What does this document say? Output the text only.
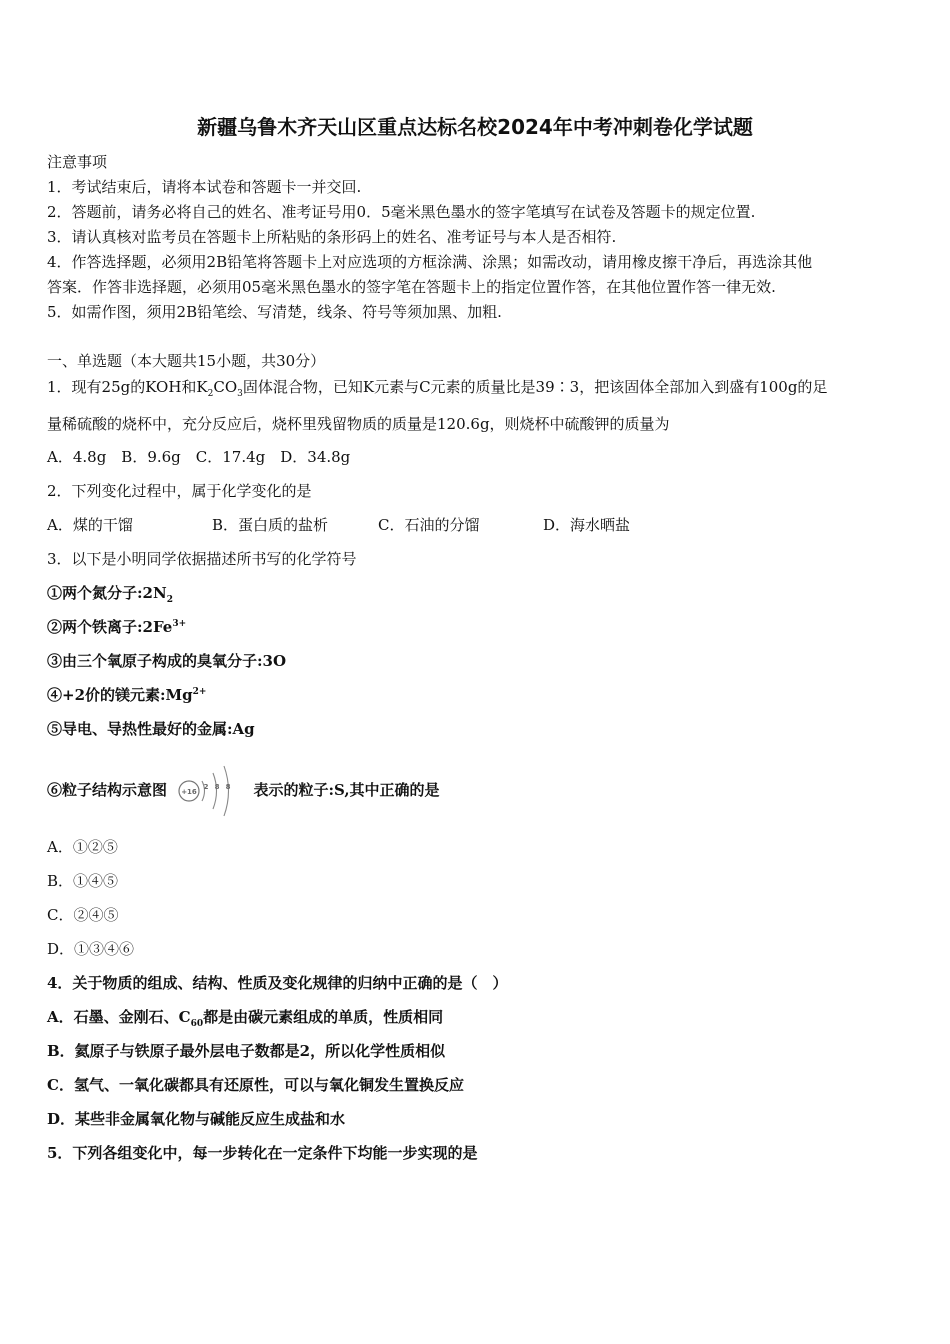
新疆乌鲁木齐天山区重点达标名校2024年中考冲刺卷化学试题
注意事项
1．考试结束后，请将本试卷和答题卡一并交回.
2．答题前，请务必将自己的姓名、准考证号用0．5毫米黑色墨水的签字笔填写在试卷及答题卡的规定位置.
3．请认真核对监考员在答题卡上所粘贴的条形码上的姓名、准考证号与本人是否相符.
4．作答选择题，必须用2B铅笔将答题卡上对应选项的方框涂满、涂黑；如需改动，请用橡皮擦干净后，再选涂其他
答案．作答非选择题，必须用05毫米黑色墨水的签字笔在答题卡上的指定位置作答，在其他位置作答一律无效.
5．如需作图，须用2B铅笔绘、写清楚，线条、符号等须加黑、加粗.
一、单选题（本大题共15小题，共30分）
1．现有25g的KOH和$K_2CO_3$固体混合物，已知K元素与C元素的质量比是39∶3，把该固体全部加入到盛有100g的足
量稀硫酸的烧杯中，充分反应后，烧杯里残留物质的质量是120.6g，则烧杯中硫酸钾的质量为
A．4.8g　B．9.6g　C．17.4g　D．34.8g
2．下列变化过程中，属于化学变化的是
A．煤的干馏	B．蛋白质的盐析	C．石油的分馏	D．海水晒盐
3．以下是小明同学依据描述所书写的化学符号
①两个氮分子$:2N_2$
②两个铁离子$:2Fe^{3+}$
③由三个氧原子构成的臭氧分子:3O
④+2价的镁元素$:Mg^{2+}$
⑤导电、导热性最好的金属:Ag
⑥粒子结构示意图 +16
2 8 8 表示的粒子:S,其中正确的是
A．①②⑤
B．①④⑤
C．②④⑤
D．①③④⑥
4．关于物质的组成、结构、性质及变化规律的归纳中正确的是（　）
A．石墨、金刚石、$C_{60}$都是由碳元素组成的单质，性质相同
B．氦原子与铁原子最外层电子数都是2，所以化学性质相似
C．氢气、一氧化碳都具有还原性，可以与氧化铜发生置换反应
D．某些非金属氧化物与碱能反应生成盐和水
5．下列各组变化中，每一步转化在一定条件下均能一步实现的是
